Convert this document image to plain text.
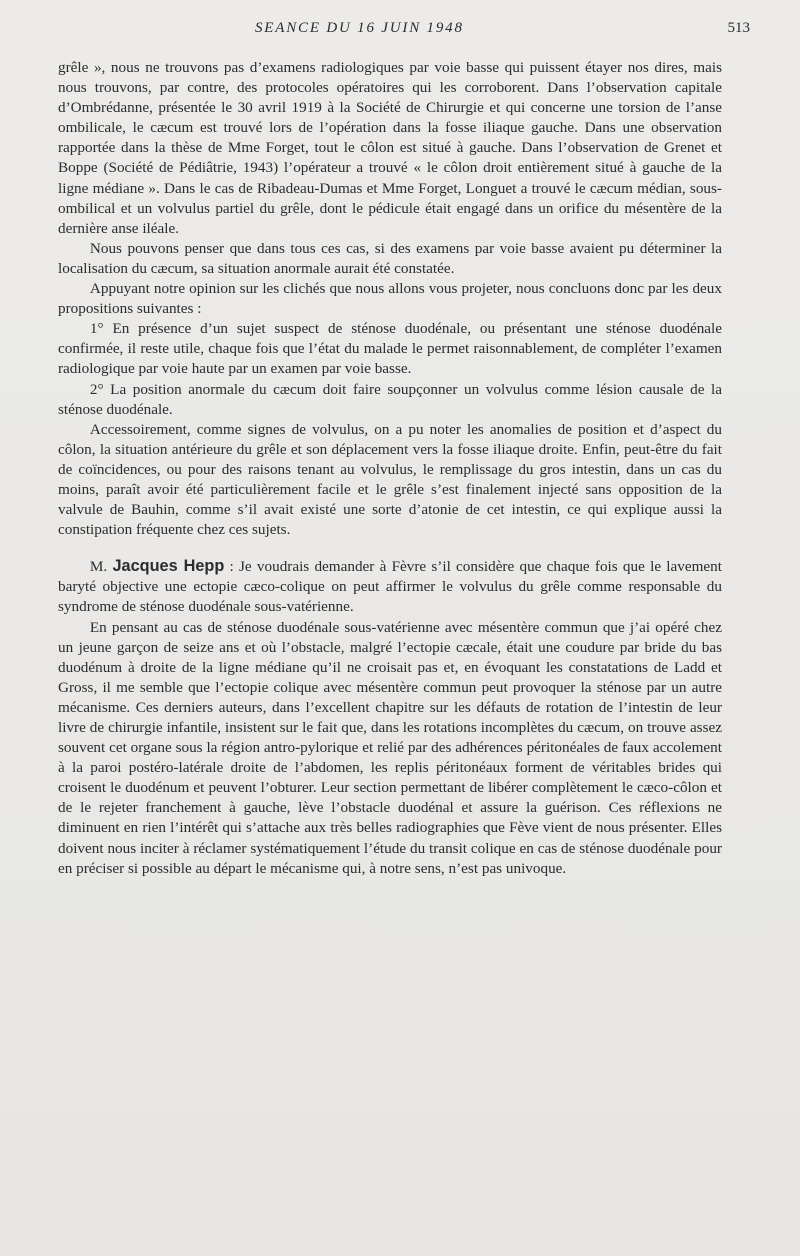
SEANCE DU 16 JUIN 1948	513

grêle », nous ne trouvons pas d’examens radiologiques par voie basse qui puissent étayer nos dires, mais nous trouvons, par contre, des protocoles opératoires qui les corroborent. Dans l’observation capitale d’Ombrédanne, présentée le 30 avril 1919 à la Société de Chirurgie et qui concerne une torsion de l’anse ombilicale, le cæcum est trouvé lors de l’opération dans la fosse iliaque gauche. Dans une observation rapportée dans la thèse de Mme Forget, tout le côlon est situé à gauche. Dans l’observation de Grenet et Boppe (Société de Pédiâtrie, 1943) l’opérateur a trouvé « le côlon droit entièrement situé à gauche de la ligne médiane ». Dans le cas de Ribadeau-Dumas et Mme Forget, Longuet a trouvé le cæcum médian, sous-ombilical et un volvulus partiel du grêle, dont le pédicule était engagé dans un orifice du mésentère de la dernière anse iléale.

Nous pouvons penser que dans tous ces cas, si des examens par voie basse avaient pu déterminer la localisation du cæcum, sa situation anormale aurait été constatée.

Appuyant notre opinion sur les clichés que nous allons vous projeter, nous concluons donc par les deux propositions suivantes :

1° En présence d’un sujet suspect de sténose duodénale, ou présentant une sténose duodénale confirmée, il reste utile, chaque fois que l’état du malade le permet raisonnablement, de compléter l’examen radiologique par voie haute par un examen par voie basse.

2° La position anormale du cæcum doit faire soupçonner un volvulus comme lésion causale de la sténose duodénale.

Accessoirement, comme signes de volvulus, on a pu noter les anomalies de position et d’aspect du côlon, la situation antérieure du grêle et son déplacement vers la fosse iliaque droite. Enfin, peut-être du fait de coïncidences, ou pour des raisons tenant au volvulus, le remplissage du gros intestin, dans un cas du moins, paraît avoir été particulièrement facile et le grêle s’est finalement injecté sans opposition de la valvule de Bauhin, comme s’il avait existé une sorte d’atonie de cet intestin, ce qui explique aussi la constipation fréquente chez ces sujets.

M. Jacques Hepp : Je voudrais demander à Fèvre s’il considère que chaque fois que le lavement baryté objective une ectopie cæco-colique on peut affirmer le volvulus du grêle comme responsable du syndrome de sténose duodénale sous-vatérienne.

En pensant au cas de sténose duodénale sous-vatérienne avec mésentère commun que j’ai opéré chez un jeune garçon de seize ans et où l’obstacle, malgré l’ectopie cæcale, était une coudure par bride du bas duodénum à droite de la ligne médiane qu’il ne croisait pas et, en évoquant les constatations de Ladd et Gross, il me semble que l’ectopie colique avec mésentère commun peut provoquer la sténose par un autre mécanisme. Ces derniers auteurs, dans l’excellent chapitre sur les défauts de rotation de l’intestin de leur livre de chirurgie infantile, insistent sur le fait que, dans les rotations incomplètes du cæcum, on trouve assez souvent cet organe sous la région antro-pylorique et relié par des adhérences péritonéales de faux accolement à la paroi postéro-latérale droite de l’abdomen, les replis péritonéaux forment de véritables brides qui croisent le duodénum et peuvent l’obturer. Leur section permettant de libérer complètement le cæco-côlon et de le rejeter franchement à gauche, lève l’obstacle duodénal et assure la guérison. Ces réflexions ne diminuent en rien l’intérêt qui s’attache aux très belles radiographies que Fève vient de nous présenter. Elles doivent nous inciter à réclamer systématiquement l’étude du transit colique en cas de sténose duodénale pour en préciser si possible au départ le mécanisme qui, à notre sens, n’est pas univoque.
